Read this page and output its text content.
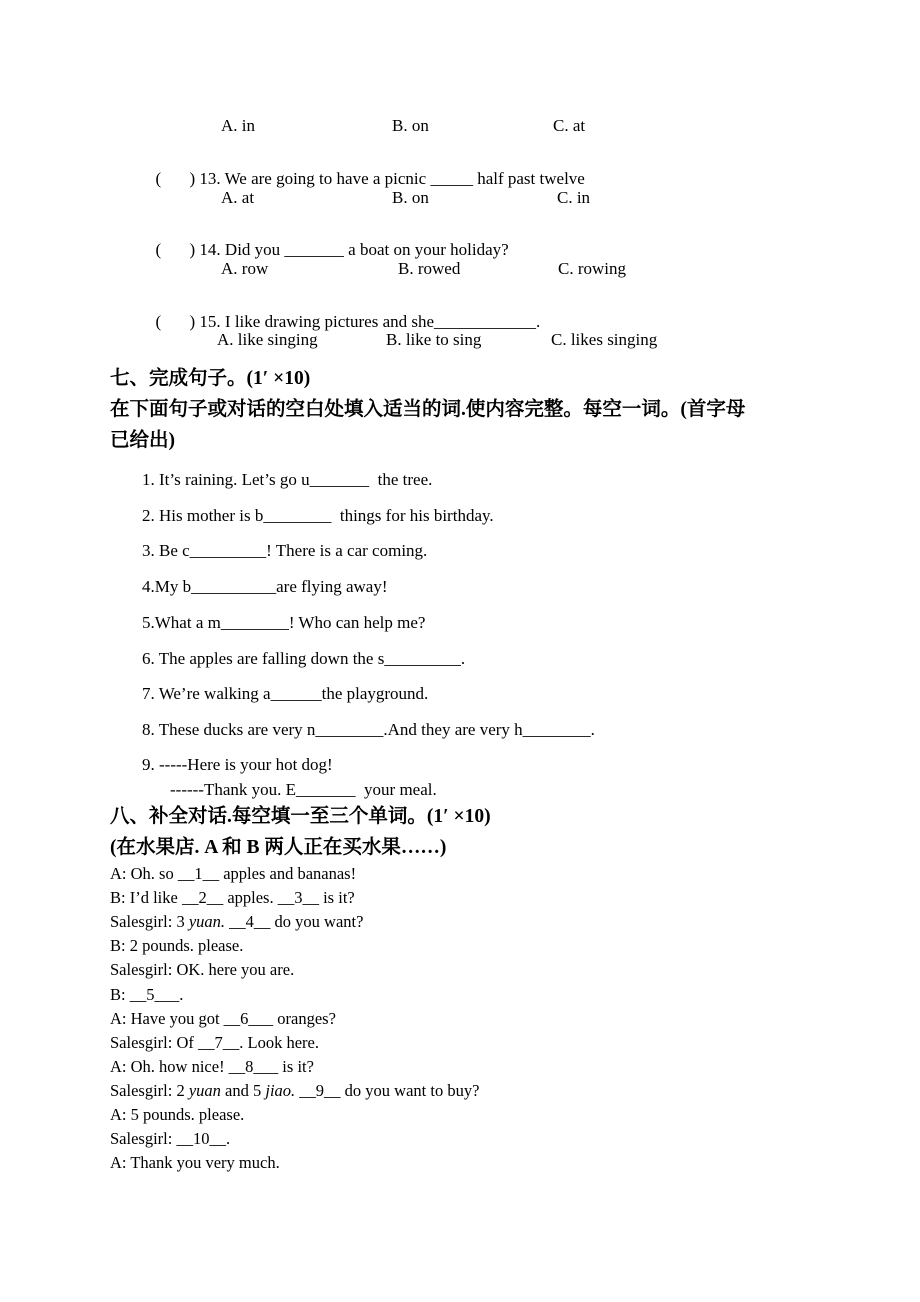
A. in	B. on	C. at

( ) 13. We are going to have a picnic _____ half past twelve

A. at	B. on	C. in

( ) 14. Did you _______ a boat on your holiday?

A. row	B. rowed	C. rowing

( ) 15. I like drawing pictures and she____________.

A. like singing	B. like to sing	C. likes singing
七、完成句子。(1′ ×10)
在下面句子或对话的空白处填入适当的词.使内容完整。每空一词。(首字母
已给出)
1. It’s raining. Let’s go u_______  the tree.
2. His mother is b________  things for his birthday.
3. Be c_________! There is a car coming.
4.My b__________are flying away!
5.What a m________! Who can help me?
6. The apples are falling down the s_________.
7. We’re walking a______the playground.
8. These ducks are very n________.And they are very h________.
9. -----Here is your hot dog!
------Thank you. E_______  your meal.
八、补全对话.每空填一至三个单词。(1′ ×10)
(在水果店. A 和 B 两人正在买水果……)
A: Oh. so __1__ apples and bananas!
B: I’d like __2__ apples. __3__ is it?
Salesgirl: 3 yuan. __4__ do you want?
B: 2 pounds. please.
Salesgirl: OK. here you are.
B: __5___.
A: Have you got __6___ oranges?
Salesgirl: Of __7__. Look here.
A: Oh. how nice! __8___ is it?
Salesgirl: 2 yuan and 5 jiao. __9__ do you want to buy?
A: 5 pounds. please.
Salesgirl: __10__.
A: Thank you very much.
